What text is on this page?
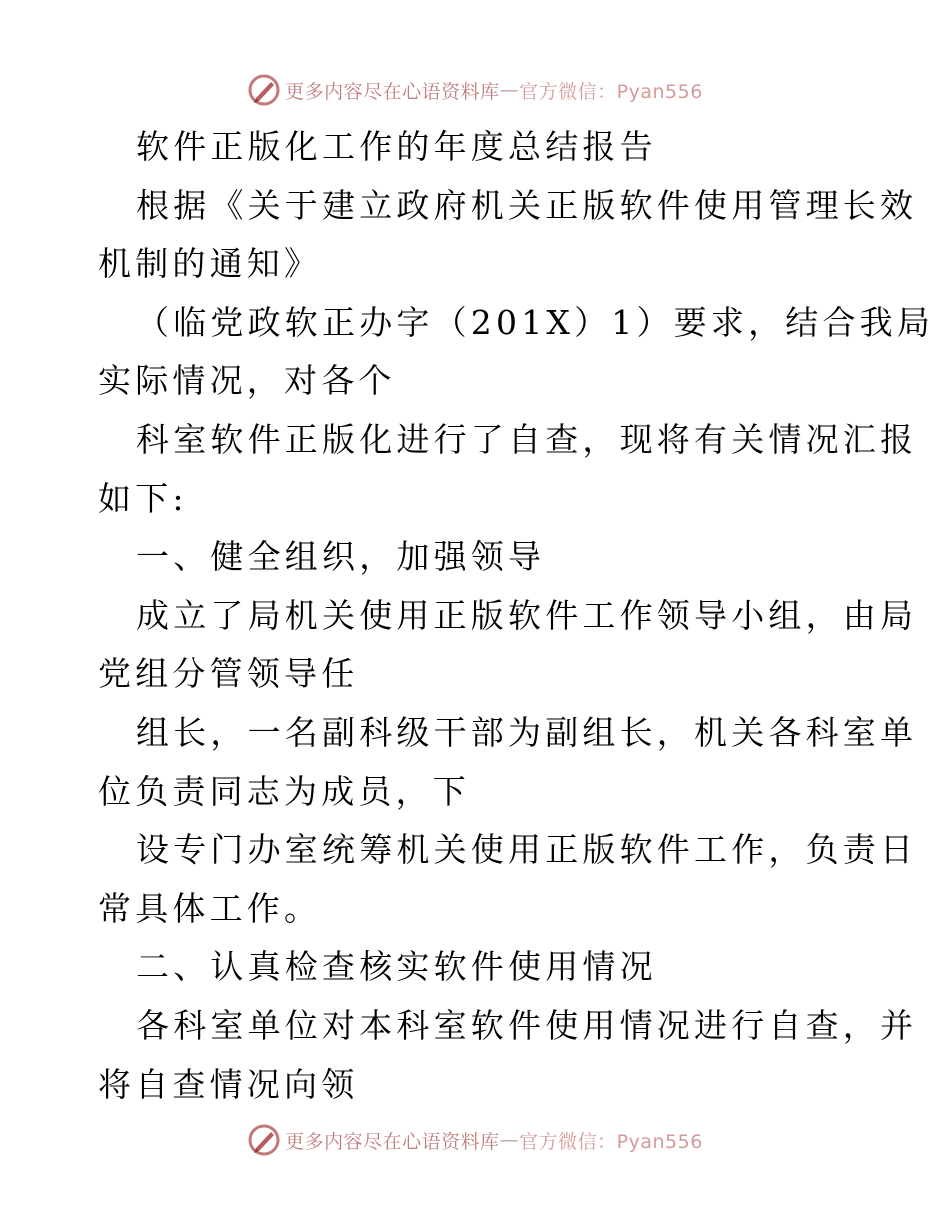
更多内容尽在心语资料库 — 官方微信：Pyan556
软件正版化工作的年度总结报告
根据《关于建立政府机关正版软件使用管理长效
机制的通知》
（临党政软正办字（201X）1）要求，结合我局
实际情况，对各个
科室软件正版化进行了自查，现将有关情况汇报
如下:
一、健全组织，加强领导
成立了局机关使用正版软件工作领导小组，由局
党组分管领导任
组长，一名副科级干部为副组长，机关各科室单
位负责同志为成员，下
设专门办室统筹机关使用正版软件工作，负责日
常具体工作。
二、认真检查核实软件使用情况
各科室单位对本科室软件使用情况进行自查，并
将自查情况向领
更多内容尽在心语资料库 — 官方微信：Pyan556
